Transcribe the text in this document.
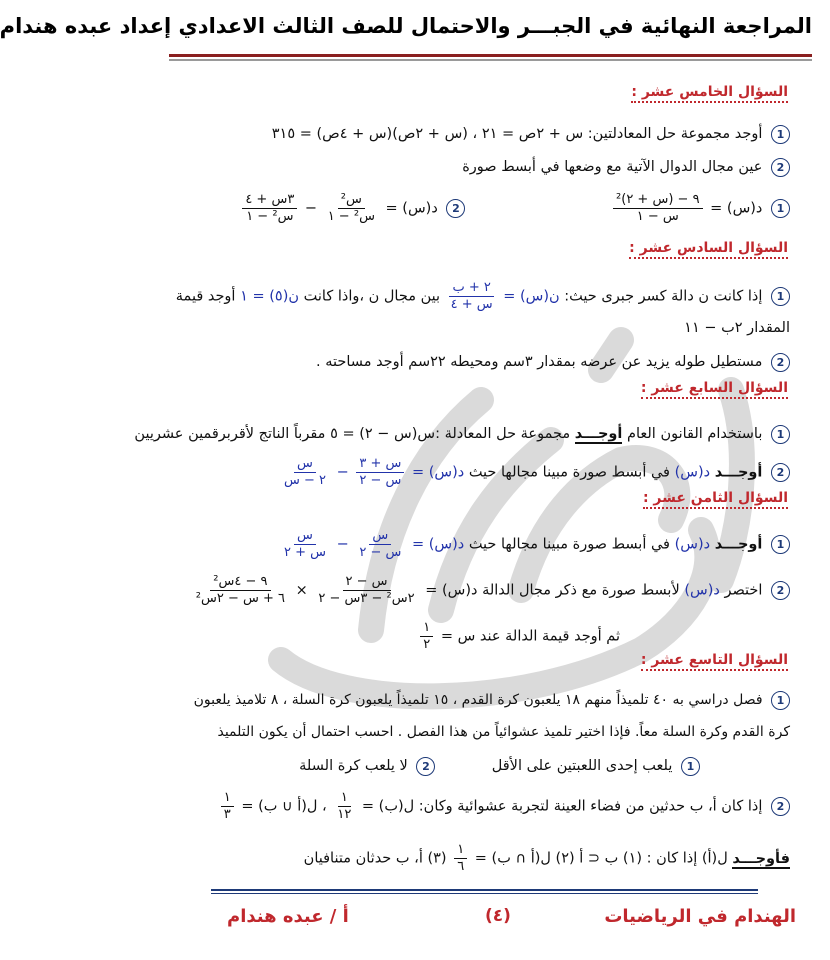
المراجعة النهائية في الجبـــر والاحتمال للصف الثالث الاعدادي إعداد عبده هندام
السؤال الخامس عشر :
1 أوجد مجموعة حل المعادلتين: س + ٢ص = ٢١ ، (س + ٢ص)(س + ٤ص) = ٣١٥
2 عين مجال الدوال الآتية مع وضعها في أبسط صورة
1 د(س) =
$\frac{\text{٩ − (س + ٢)²}}{\text{س − ١}}$
2 د(س) =
$\frac{\text{س²}}{\text{س² − ١}}$
−
$\frac{\text{٣س + ٤}}{\text{س² − ١}}$
السؤال السادس عشر :
1 إذا كانت ن دالة كسر جبرى حيث: ن(س) =
$\frac{\text{٢ + ب}}{\text{س + ٤}}$
بين مجال ن ،واذا كانت ن(٥) = ١ أوجد قيمة
المقدار ٢ب − ١١
2 مستطيل طوله يزيد عن عرضه بمقدار ٣سم ومحيطه ٢٢سم أوجد مساحته .
السؤال السابع عشر :
1 باستخدام القانون العام أوجـــد مجموعة حل المعادلة :س(س − ٢) = ٥ مقرباً الناتج لأقربرقمين عشريين
2 أوجـــد د(س) في أبسط صورة مبينا مجالها حيث د(س) =
$\frac{\text{س + ٣}}{\text{س − ٢}}$
−
$\frac{\text{س}}{\text{٢ − س}}$
السؤال الثامن عشر :
1 أوجـــد د(س) في أبسط صورة مبينا مجالها حيث د(س) =
$\frac{\text{س}}{\text{س − ٢}}$
−
$\frac{\text{س}}{\text{س + ٢}}$
2 اختصر د(س) لأبسط صورة مع ذكر مجال الدالة د(س) =
$\frac{\text{س − ٢}}{\text{٢س² − ٣س − ٢}}$
×
$\frac{\text{٩ − ٤س²}}{\text{٦ + س − ٢س²}}$
ثم أوجد قيمة الدالة عند س =
$\frac{١}{٢}$
السؤال التاسع عشر :
1 فصل دراسي به ٤٠ تلميذاً منهم ١٨ يلعبون كرة القدم ، ١٥ تلميذاً يلعبون كرة السلة ، ٨ تلاميذ يلعبون
كرة القدم وكرة السلة معاً. فإذا اختير تلميذ عشوائياً من هذا الفصل . احسب احتمال أن يكون التلميذ
1 يلعب إحدى اللعبتين على الأقل 2 لا يلعب كرة السلة
2 إذا كان أ، ب حدثين من فضاء العينة لتجربة عشوائية وكان: ل(ب) =
$\frac{١}{١٢}$
، ل(أ ∪ ب) =
$\frac{١}{٣}$
فأوجـــد ل(أ) إذا كان : (١) ب ⊂ أ (٢) ل(أ ∩ ب) =
$\frac{١}{٦}$
(٣) أ، ب حدثان متنافيان
الهندام في الرياضيات
(٤)
أ / عبده هندام
